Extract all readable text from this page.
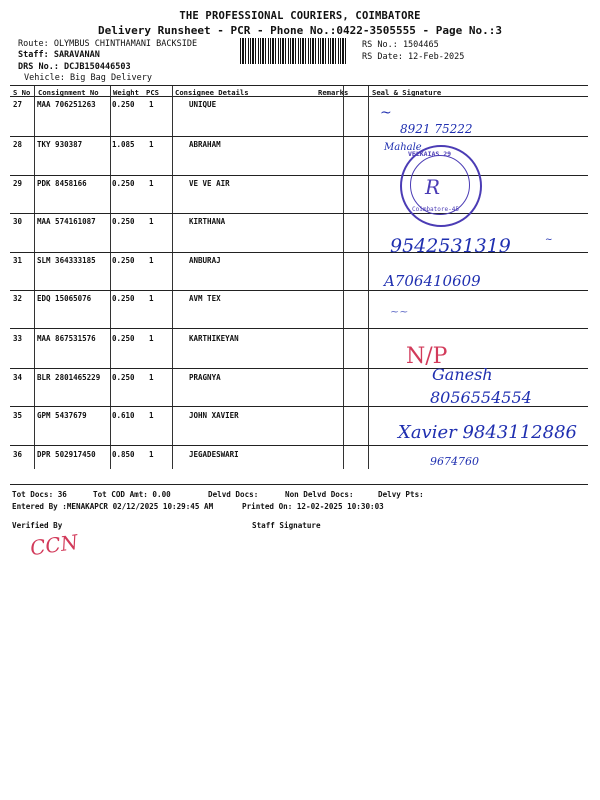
THE PROFESSIONAL COURIERS, COIMBATORE
Delivery Runsheet - PCR - Phone No.:0422-3505555 - Page No.:3
Route: OLYMBUS CHINTHAMANI BACKSIDE
Staff: SARAVANAN
DRS No.: DCJB150446503
Vehicle: Big Bag Delivery
RS No.: 1504465
RS Date: 12-Feb-2025
S No Consignment No Weight PCS Consignee Details	Remarks	Seal & Signature
27 MAA 706251263 0.250 1	UNIQUE
28 TKY 930387	1.085 1	ABRAHAM
29 PDK 8458166	0.250 1	VE VE AIR
30 MAA 574161087 0.250 1	KIRTHANA
31 SLM 364333185 0.250 1	ANBURAJ
32 EDQ 15065076	0.250 1	AVM TEX
33 MAA 867531576 0.250 1	KARTHIKEYAN
34 BLR 2801465229 0.250 1	PRAGNYA
35 GPM 5437679	0.610 1	JOHN XAVIER
36 DPR 502917450 0.850 1	JEGADESWARI
~
8921 75222
Mahale
VELKAIAS 29
Coimbatore-45
R
9542531319	~
A706410609
~~
N/P
Ganesh
8056554554
Xavier 9843112886
9674760
Tot Docs: 36	Tot COD Amt: 0.00	Delvd Docs:	Non Delvd Docs:	Delvy Pts:
Entered By :MENAKAPCR 02/12/2025 10:29:45 AM	Printed On: 12-02-2025 10:30:03
Verified By	Staff Signature
CCN
